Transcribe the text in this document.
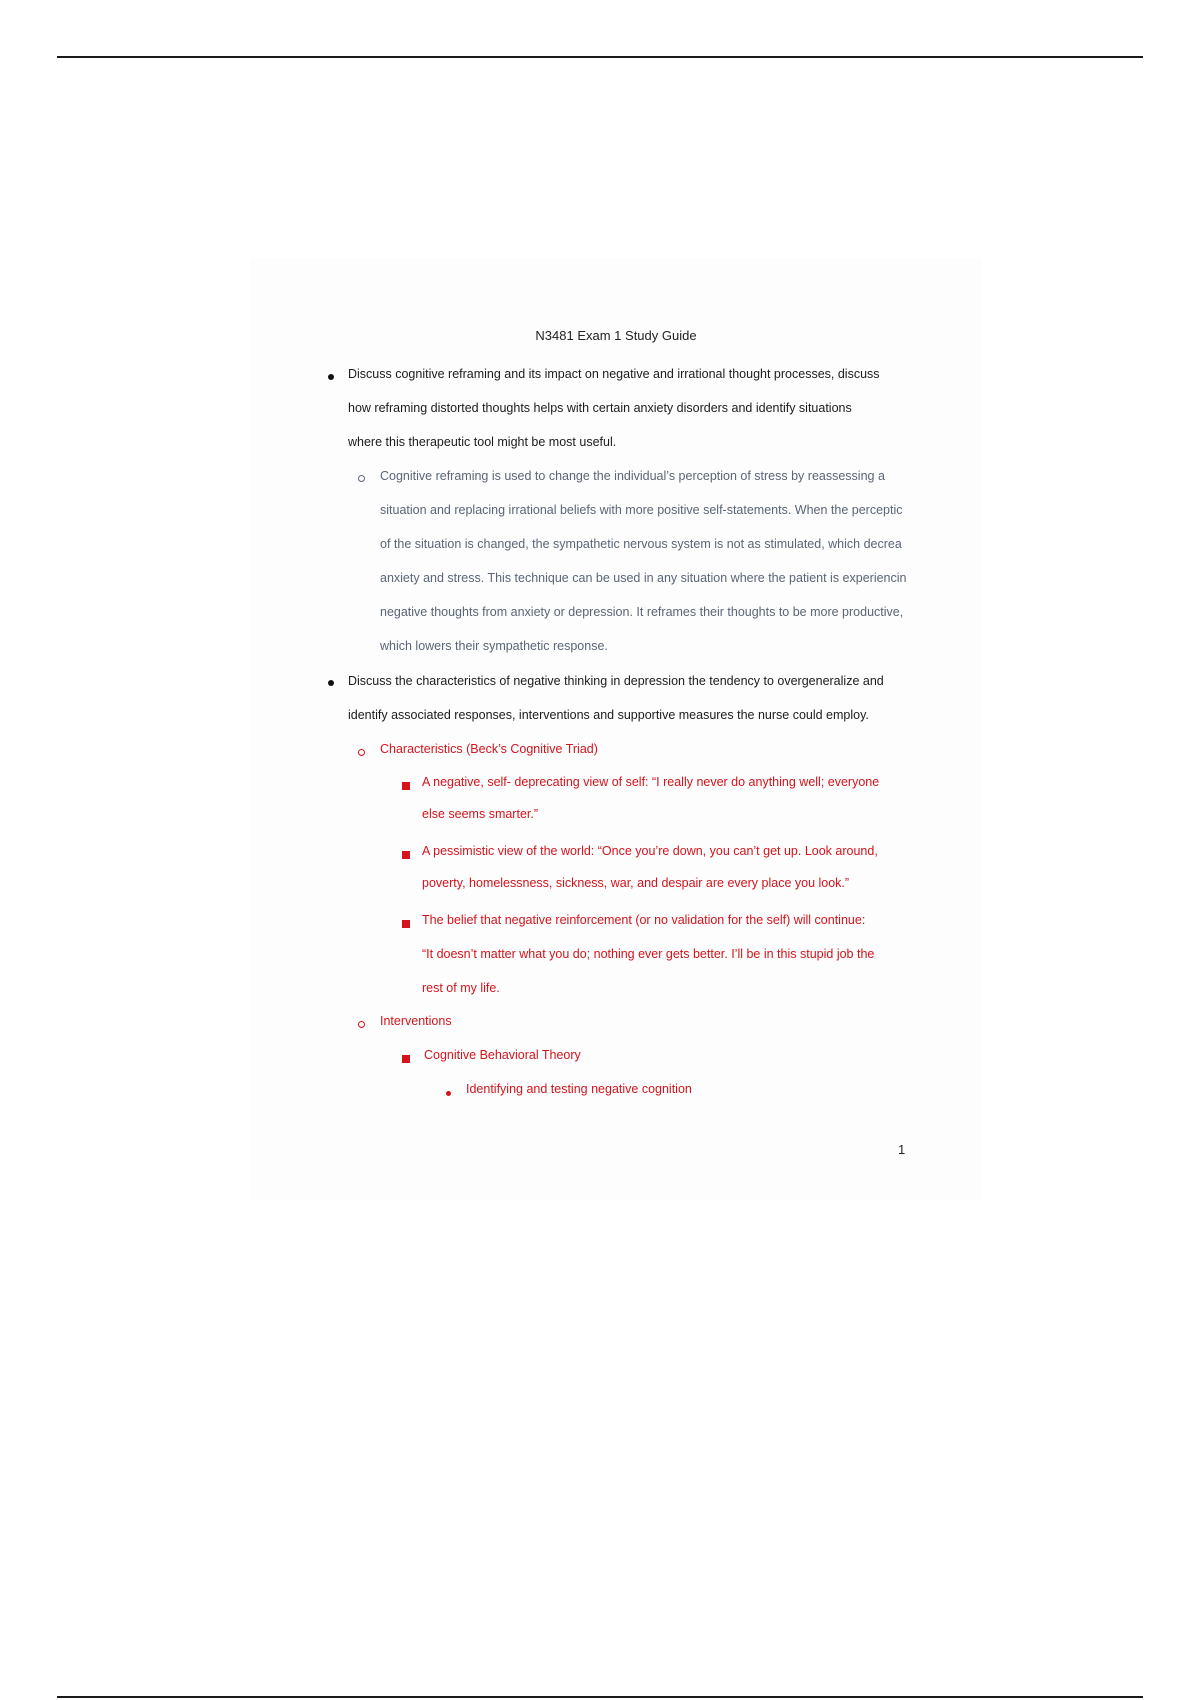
N3481 Exam 1 Study Guide
Discuss cognitive reframing and its impact on negative and irrational thought processes, discuss
how reframing distorted thoughts helps with certain anxiety disorders and identify situations
where this therapeutic tool might be most useful.
Cognitive reframing is used to change the individual’s perception of stress by reassessing a
situation and replacing irrational beliefs with more positive self-statements. When the perceptic
of the situation is changed, the sympathetic nervous system is not as stimulated, which decrea
anxiety and stress. This technique can be used in any situation where the patient is experiencin
negative thoughts from anxiety or depression. It reframes their thoughts to be more productive,
which lowers their sympathetic response.
Discuss the characteristics of negative thinking in depression the tendency to overgeneralize and
identify associated responses, interventions and supportive measures the nurse could employ.
Characteristics (Beck’s Cognitive Triad)
A negative, self- deprecating view of self: “I really never do anything well; everyone
else seems smarter.”
A pessimistic view of the world: “Once you’re down, you can’t get up. Look around,
poverty, homelessness, sickness, war, and despair are every place you look.”
The belief that negative reinforcement (or no validation for the self) will continue:
“It doesn’t matter what you do; nothing ever gets better. I’ll be in this stupid job the
rest of my life.
Interventions
Cognitive Behavioral Theory
Identifying and testing negative cognition
1
